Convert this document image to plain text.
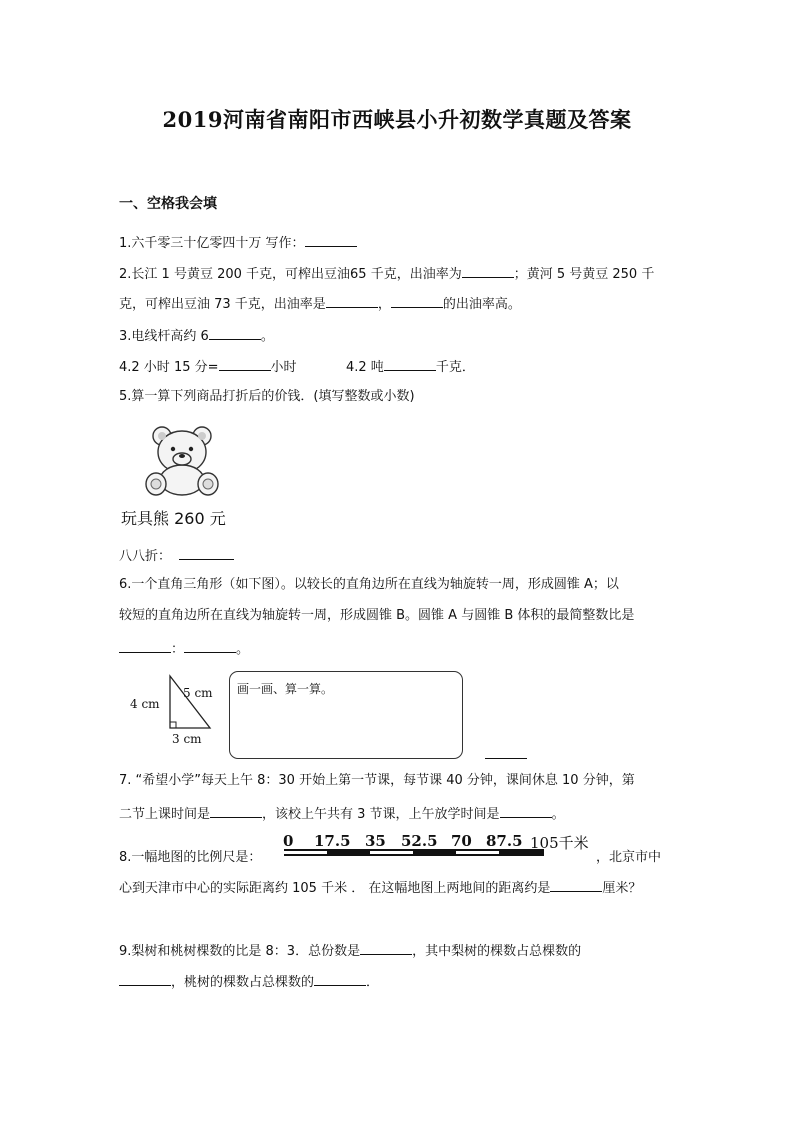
2019河南省南阳市西峡县小升初数学真题及答案
一、空格我会填
1.六千零三十亿零四十万 写作：
2.长江 1 号黄豆 200 千克，可榨出豆油65 千克，出油率为	；黄河 5 号黄豆 250 千
克，可榨出豆油 73 千克，出油率是	，	的出油率高。
3.电线杆高约 6	。
4.2 小时 15 分=	小时	4.2 吨	千克．
5.算一算下列商品打折后的价钱．(填写整数或小数)
玩具熊 260 元
八八折：
6.一个直角三角形（如下图）。以较长的直角边所在直线为轴旋转一周，形成圆锥 A；以
较短的直角边所在直线为轴旋转一周，形成圆锥 B。圆锥 A 与圆锥 B 体积的最简整数比是
：	。
4 cm
5 cm
3 cm
画一画、算一算。
7. “希望小学”每天上午 8：30 开始上第一节课，每节课 40 分钟，课间休息 10 分钟，第
二节上课时间是	，该校上午共有 3 节课，上午放学时间是	。
8.一幅地图的比例尺是：
0 17.5 35 52.5 70 87.5 105千米
，北京市中
心到天津市中心的实际距离约 105 千米 ． 在这幅地图上两地间的距离约是	厘米？
9.梨树和桃树棵数的比是 8：3．总份数是	，其中梨树的棵数占总棵数的
，桃树的棵数占总棵数的	．
